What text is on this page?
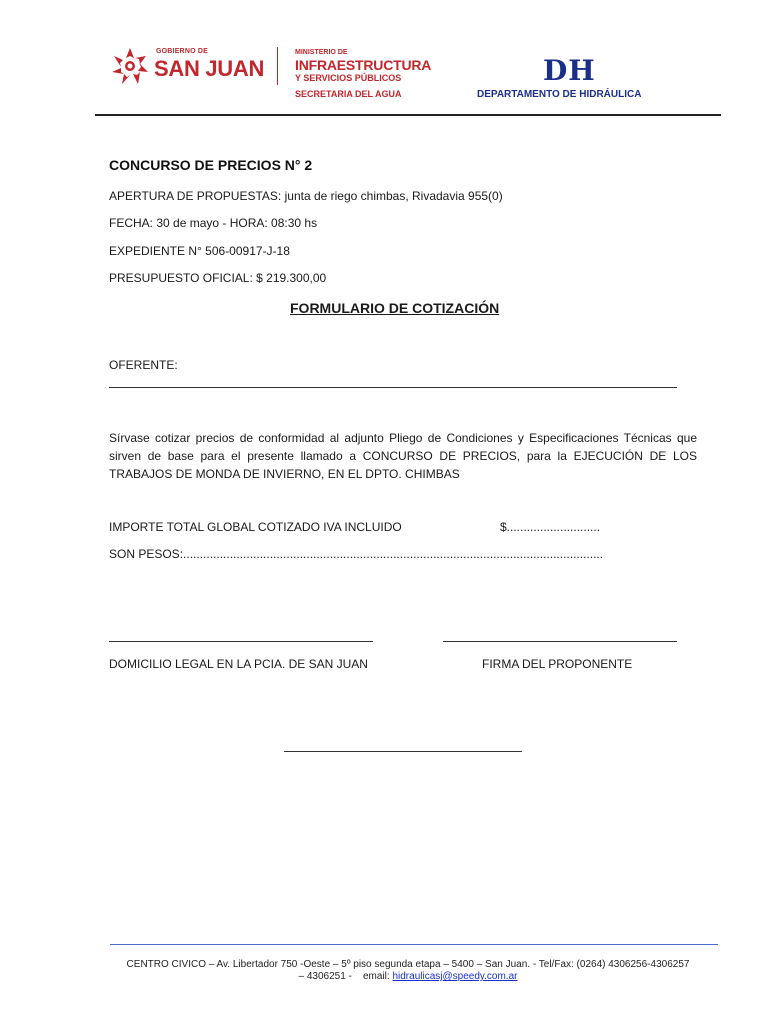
GOBIERNO DE
SAN JUAN
MINISTERIO DE
INFRAESTRUCTURA
Y SERVICIOS PÚBLICOS
SECRETARIA DEL AGUA
DH
DEPARTAMENTO DE HIDRÁULICA
CONCURSO DE PRECIOS N° 2
APERTURA DE PROPUESTAS: junta de riego chimbas, Rivadavia 955(0)
FECHA: 30 de mayo - HORA: 08:30 hs
EXPEDIENTE N° 506-00917-J-18
PRESUPUESTO OFICIAL: $ 219.300,00
FORMULARIO DE COTIZACIÓN
OFERENTE:
Sírvase cotizar precios de conformidad al adjunto Pliego de Condiciones y Especificaciones Técnicas que sirven de base para el presente llamado a CONCURSO DE PRECIOS, para la EJECUCIÓN DE LOS TRABAJOS DE MONDA DE INVIERNO, EN EL DPTO. CHIMBAS
IMPORTE TOTAL GLOBAL COTIZADO IVA INCLUIDO	$............................
SON PESOS:..............................................................................................................................
DOMICILIO LEGAL EN LA PCIA. DE SAN JUAN	FIRMA DEL PROPONENTE
CENTRO CIVICO – Av. Libertador 750 -Oeste – 5º piso segunda etapa – 5400 – San Juan. - Tel/Fax: (0264) 4306256-4306257
– 4306251 -    email: hidraulicasj@speedy.com.ar
